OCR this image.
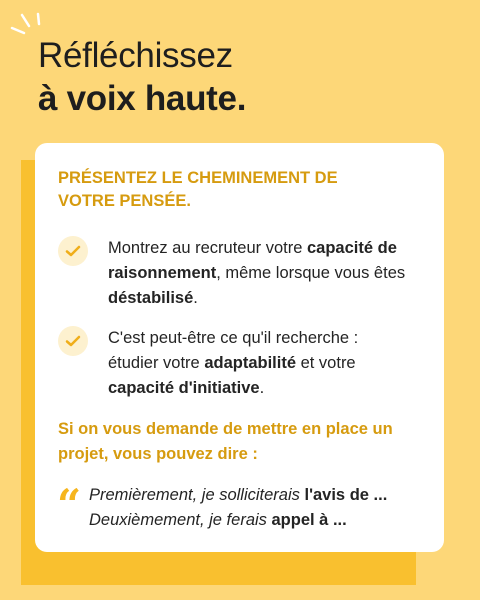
Réfléchissez
à voix haute.

PRÉSENTEZ LE CHEMINEMENT DE VOTRE PENSÉE.

Montrez au recruteur votre capacité de raisonnement, même lorsque vous êtes déstabilisé.

C'est peut-être ce qu'il recherche : étudier votre adaptabilité et votre capacité d'initiative.

Si on vous demande de mettre en place un projet, vous pouvez dire :

“ Premièrement, je solliciterais l'avis de ...
Deuxièmement, je ferais appel à ...
